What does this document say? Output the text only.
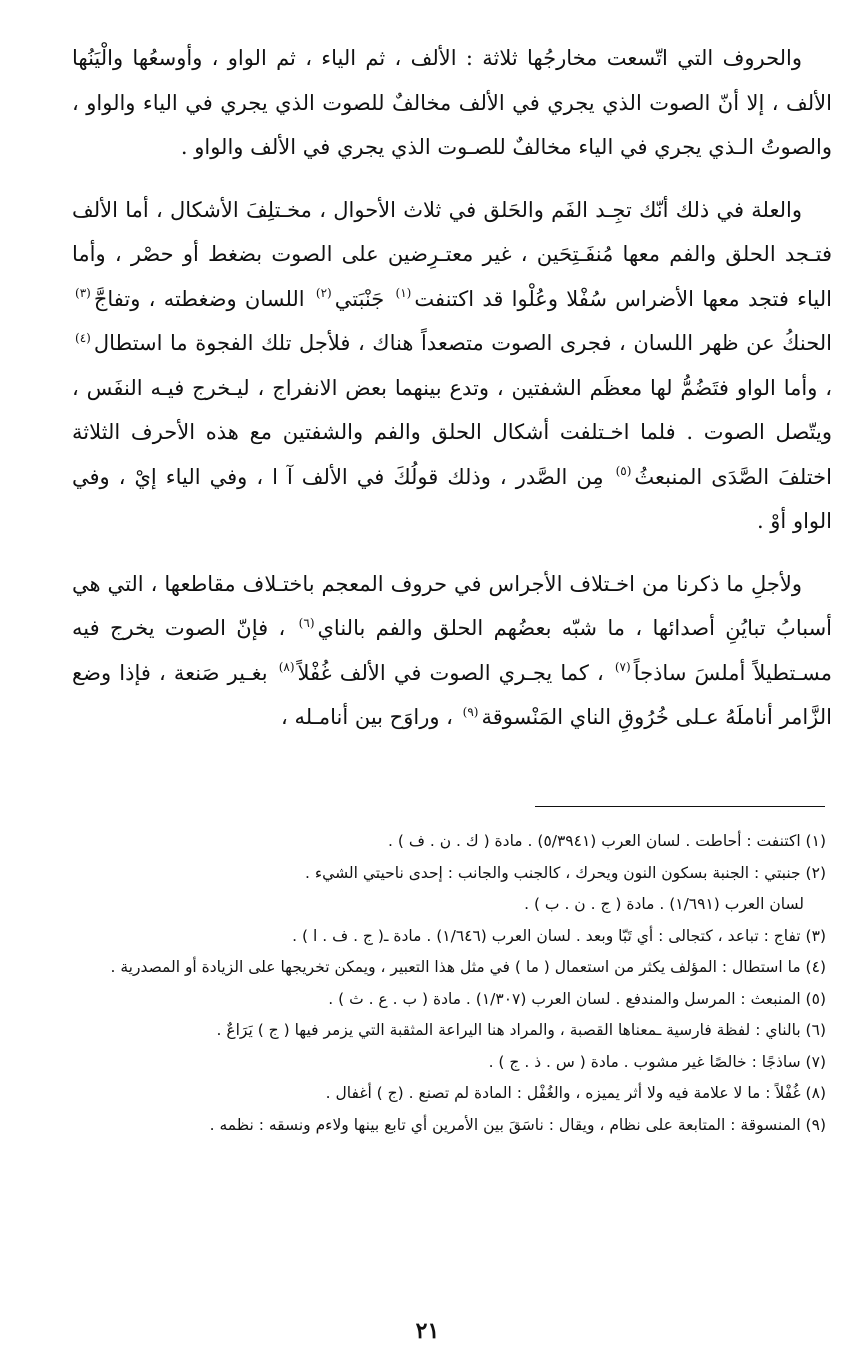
والحروف التي اتّسعت مخارجُها ثلاثة : الألف ، ثم الياء ، ثم الواو ، وأوسعُها والْيَنُها الألف ، إلا أنّ الصوت الذي يجري في الألف مخالفٌ للصوت الذي يجري في الياء والواو ، والصوتُ الـذي يجري في الياء مخالفٌ للصـوت الذي يجري في الألف والواو .

والعلة في ذلك أنّك تجِـد الفَم والحَلق في ثلاث الأحوال ، مخـتلِفَ الأشكال ، أما الألف فتـجد الحلق والفم معها مُنفَـتِحَين ، غير معتـرِضين على الصوت بضغط أو حصْر ، وأما الياء فتجد معها الأضراس سُفْلا وعُلْوا قد اكتنفت$^{(١)}$ جَنْبَتي$^{(٢)}$ اللسان وضغطته ، وتفاجَّ$^{(٣)}$ الحنكُ عن ظهر اللسان ، فجرى الصوت متصعداً هناك ، فلأجل تلك الفجوة ما استطال$^{(٤)}$ ، وأما الواو فتَضُمُّ لها معظَم الشفتين ، وتدع بينهما بعض الانفراج ، ليـخرج فيـه النفَس ، ويتّصل الصوت . فلما اخـتلفت أشكال الحلق والفم والشفتين مع هذه الأحرف الثلاثة اختلفَ الصَّدَى المنبعثُ$^{(٥)}$ مِن الصَّدر ، وذلك قولُكَ في الألف آ ا ، وفي الياء إيْ ، وفي الواو أوْ .

ولأجلِ ما ذكرنا من اخـتلاف الأجراس في حروف المعجم باختـلاف مقاطعها ، التي هي أسبابُ تبايُنِ أصدائها ، ما شبّه بعضُهم الحلق والفم بالناي$^{(٦)}$ ، فإنّ الصوت يخرج فيه مسـتطيلاً أملسَ ساذجاً$^{(٧)}$ ، كما يجـري الصوت في الألف غُفْلاً$^{(٨)}$ بغـير صَنعة ، فإذا وضع الزَّامر أناملَهُ عـلى خُرُوقِ الناي المَنْسوقة$^{(٩)}$ ، وراوَح بين أنامـله ،

(١) اكتنفت : أحاطت . لسان العرب (٥/٣٩٤١) . مادة ( ك . ن . ف ) .
(٢) جنبتي : الجنبة بسكون النون ويحرك ، كالجنب والجانب : إحدى ناحيتي الشيء .
لسان العرب (١/٦٩١) . مادة ( ج . ن . ب ) .
(٣) تفاج : تباعد ، كتجالى : أي تَبّا وبعد . لسان العرب (١/٦٤٦) . مادة ـ( ج . ف . ا ) .
(٤) ما استطال : المؤلف يكثر من استعمال ( ما ) في مثل هذا التعبير ، ويمكن تخريجها على الزيادة أو المصدرية .
(٥) المنبعث : المرسل والمندفع . لسان العرب (١/٣٠٧) . مادة ( ب . ع . ث ) .
(٦) بالناي : لفظة فارسية ـمعناها القصبة ، والمراد هنا اليراعة المثقبة التي يزمر فيها ( ج ) يَرَاعٌ .
(٧) ساذجًا : خالصًا غير مشوب . مادة ( س . ذ . ج ) .
(٨) غُفْلاً : ما لا علامة فيه ولا أثر يميزه ، والغُفْل : المادة لم تصنع . (ج ) أغفال .
(٩) المنسوقة : المتابعة على نظام ، ويقال : ناسَقَ بين الأمرين أي تابع بينها ولاءم ونسقه : نظمه .
٢١
